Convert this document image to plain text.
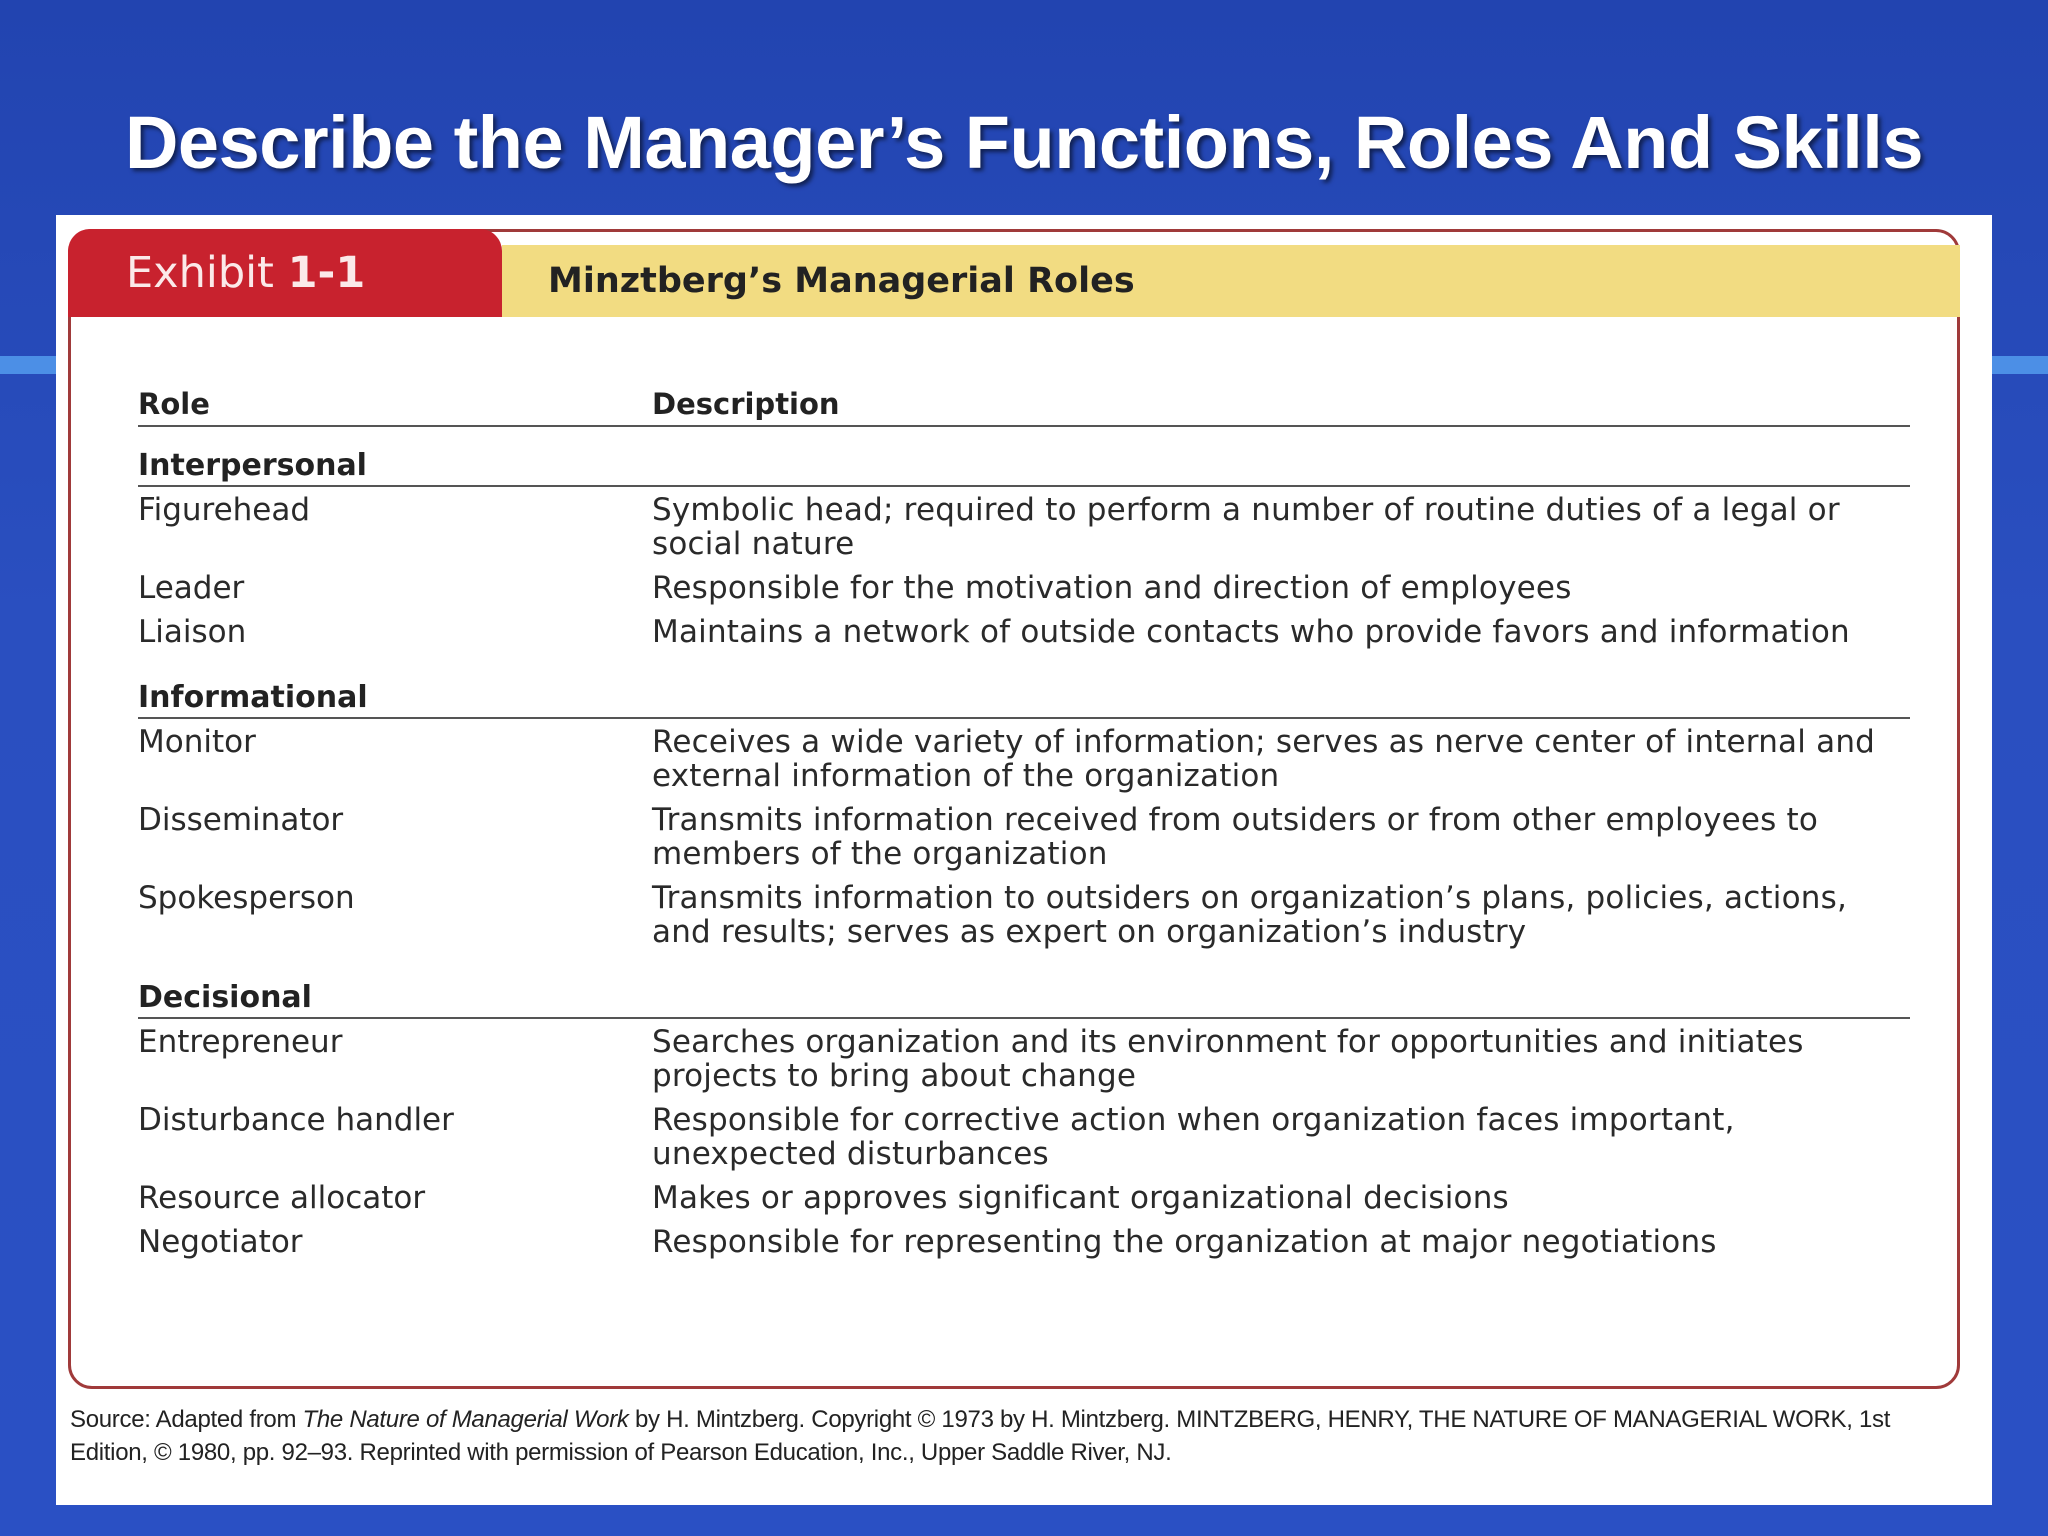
Describe the Manager’s Functions, Roles And Skills
Exhibit 1-1	Minztberg’s Managerial Roles
Role	Description
Interpersonal
Figurehead	Symbolic head; required to perform a number of routine duties of a legal or social nature
Leader	Responsible for the motivation and direction of employees
Liaison	Maintains a network of outside contacts who provide favors and information
Informational
Monitor	Receives a wide variety of information; serves as nerve center of internal and external information of the organization
Disseminator	Transmits information received from outsiders or from other employees to members of the organization
Spokesperson	Transmits information to outsiders on organization’s plans, policies, actions, and results; serves as expert on organization’s industry
Decisional
Entrepreneur	Searches organization and its environment for opportunities and initiates projects to bring about change
Disturbance handler	Responsible for corrective action when organization faces important, unexpected disturbances
Resource allocator	Makes or approves significant organizational decisions
Negotiator	Responsible for representing the organization at major negotiations
Source: Adapted from The Nature of Managerial Work by H. Mintzberg. Copyright © 1973 by H. Mintzberg. MINTZBERG, HENRY, THE NATURE OF MANAGERIAL WORK, 1st Edition, © 1980, pp. 92–93. Reprinted with permission of Pearson Education, Inc., Upper Saddle River, NJ.
